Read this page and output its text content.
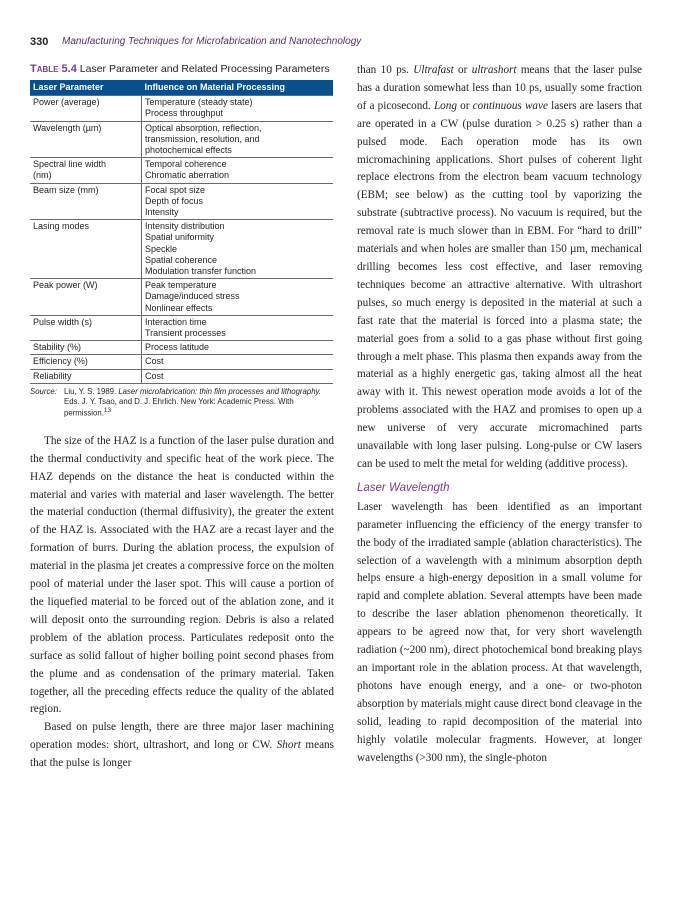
330 Manufacturing Techniques for Microfabrication and Nanotechnology
Table 5.4 Laser Parameter and Related Processing Parameters
Laser Parameter	Influence on Material Processing

Power (average)	Temperature (steady state)
Process throughput

Wavelength (µm)	Optical absorption, reflection,
transmission, resolution, and
photochemical effects

Spectral line width
(nm)	Temporal coherence
Chromatic aberration

Beam size (mm)	Focal spot size
Depth of focus
Intensity

Lasing modes	Intensity distribution
Spatial uniformity
Speckle
Spatial coherence
Modulation transfer function

Peak power (W)	Peak temperature
Damage/induced stress
Nonlinear effects

Pulse width (s)	Interaction time
Transient processes

Stability (%)	Process latitude

Efficiency (%)	Cost

Reliability	Cost
Source: Liu, Y. S. 1989. Laser microfabrication: thin film processes and lithography. Eds. J. Y. Tsao, and D. J. Ehrlich. New York: Academic Press. With permission.$^{13}$

The size of the HAZ is a function of the laser pulse duration and the thermal conductivity and specific heat of the work piece. The HAZ depends on the distance the heat is conducted within the material and varies with material and laser wavelength. The better the material conduction (thermal diffusivity), the greater the extent of the HAZ is. Associated with the HAZ are a recast layer and the formation of burrs. During the ablation process, the expulsion of material in the plasma jet creates a compressive force on the molten pool of material under the laser spot. This will cause a portion of the liquefied material to be forced out of the ablation zone, and it will deposit onto the surrounding region. Debris is also a related problem of the ablation process. Particulates redeposit onto the surface as solid fallout of higher boiling point second phases from the plume and as condensation of the primary material. Taken together, all the preceding effects reduce the quality of the ablated region.

Based on pulse length, there are three major laser machining operation modes: short, ultrashort, and long or CW. Short means that the pulse is longer

than 10 ps. Ultrafast or ultrashort means that the laser pulse has a duration somewhat less than 10 ps, usually some fraction of a picosecond. Long or continuous wave lasers are lasers that are operated in a CW (pulse duration > 0.25 s) rather than a pulsed mode. Each operation mode has its own micromachining applications. Short pulses of coherent light replace electrons from the electron beam vacuum technology (EBM; see below) as the cutting tool by vaporizing the substrate (subtractive process). No vacuum is required, but the removal rate is much slower than in EBM. For “hard to drill” materials and when holes are smaller than 150 µm, mechanical drilling becomes less cost effective, and laser removing techniques become an attractive alternative. With ultrashort pulses, so much energy is deposited in the material at such a fast rate that the material is forced into a plasma state; the material goes from a solid to a gas phase without first going through a melt phase. This plasma then expands away from the material as a highly energetic gas, taking almost all the heat away with it. This newest operation mode avoids a lot of the problems associated with the HAZ and promises to open up a new universe of very accurate micromachined parts unavailable with long laser pulsing. Long-pulse or CW lasers can be used to melt the metal for welding (additive process).

Laser Wavelength

Laser wavelength has been identified as an important parameter influencing the efficiency of the energy transfer to the body of the irradiated sample (ablation characteristics). The selection of a wavelength with a minimum absorption depth helps ensure a high-energy deposition in a small volume for rapid and complete ablation. Several attempts have been made to describe the laser ablation phenomenon theoretically. It appears to be agreed now that, for very short wavelength radiation (~200 nm), direct photochemical bond breaking plays an important role in the ablation process. At that wavelength, photons have enough energy, and a one- or two-photon absorption by materials might cause direct bond cleavage in the solid, leading to rapid decomposition of the material into highly volatile molecular fragments. However, at longer wavelengths (>300 nm), the single-photon
